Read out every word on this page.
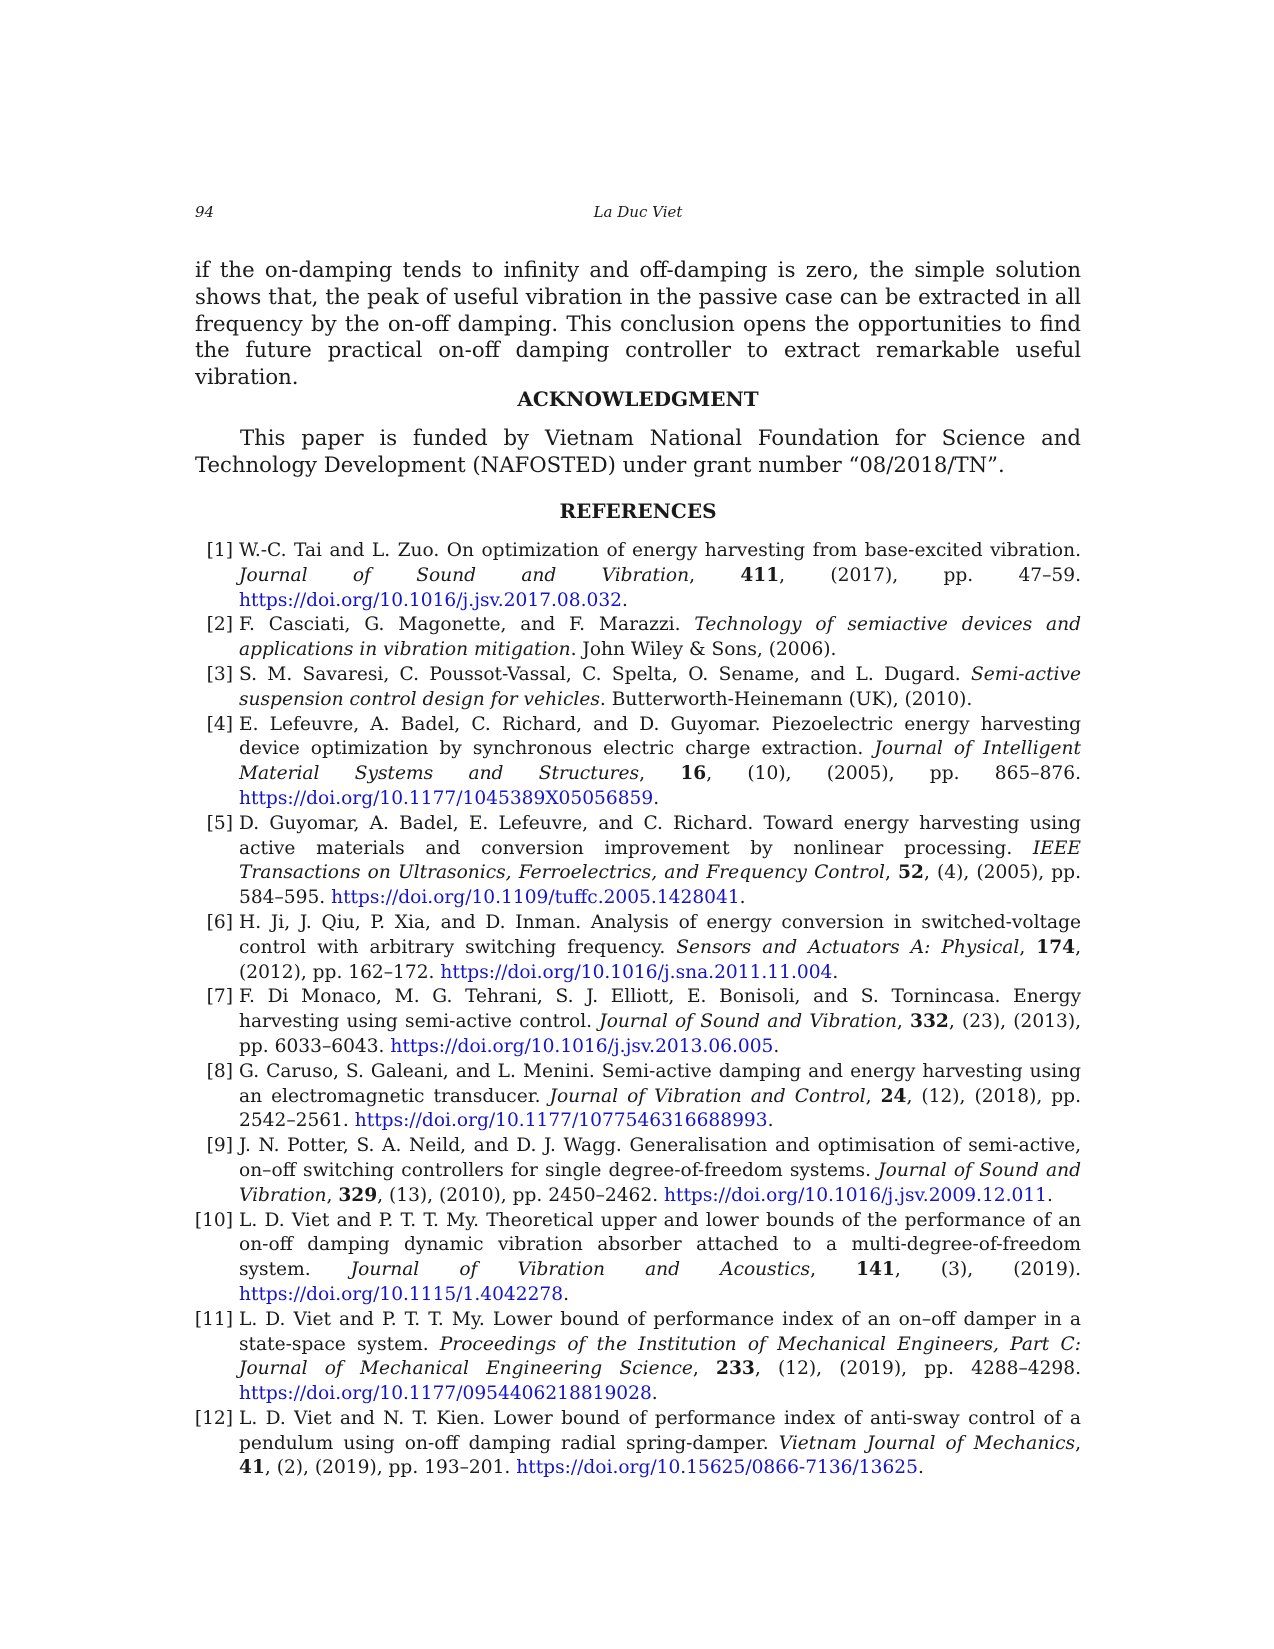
94	La Duc Viet

if the on-damping tends to infinity and off-damping is zero, the simple solution shows that, the peak of useful vibration in the passive case can be extracted in all frequency by the on-off damping. This conclusion opens the opportunities to find the future practical on-off damping controller to extract remarkable useful vibration.

ACKNOWLEDGMENT

This paper is funded by Vietnam National Foundation for Science and Technology Development (NAFOSTED) under grant number “08/2018/TN”.

REFERENCES
[1] W.-C. Tai and L. Zuo. On optimization of energy harvesting from base-excited vibration. Journal of Sound and Vibration, 411, (2017), pp. 47–59. https://doi.org/10.1016/j.jsv.2017.08.032.
[2] F. Casciati, G. Magonette, and F. Marazzi. Technology of semiactive devices and applications in vibration mitigation. John Wiley & Sons, (2006).
[3] S. M. Savaresi, C. Poussot-Vassal, C. Spelta, O. Sename, and L. Dugard. Semi-active suspension control design for vehicles. Butterworth-Heinemann (UK), (2010).
[4] E. Lefeuvre, A. Badel, C. Richard, and D. Guyomar. Piezoelectric energy harvesting device optimization by synchronous electric charge extraction. Journal of Intelligent Material Systems and Structures, 16, (10), (2005), pp. 865–876. https://doi.org/10.1177/1045389X05056859.
[5] D. Guyomar, A. Badel, E. Lefeuvre, and C. Richard. Toward energy harvesting using active materials and conversion improvement by nonlinear processing. IEEE Transactions on Ultrasonics, Ferroelectrics, and Frequency Control, 52, (4), (2005), pp. 584–595. https://doi.org/10.1109/tuffc.2005.1428041.
[6] H. Ji, J. Qiu, P. Xia, and D. Inman. Analysis of energy conversion in switched-voltage control with arbitrary switching frequency. Sensors and Actuators A: Physical, 174, (2012), pp. 162–172. https://doi.org/10.1016/j.sna.2011.11.004.
[7] F. Di Monaco, M. G. Tehrani, S. J. Elliott, E. Bonisoli, and S. Tornincasa. Energy harvesting using semi-active control. Journal of Sound and Vibration, 332, (23), (2013), pp. 6033–6043. https://doi.org/10.1016/j.jsv.2013.06.005.
[8] G. Caruso, S. Galeani, and L. Menini. Semi-active damping and energy harvesting using an electromagnetic transducer. Journal of Vibration and Control, 24, (12), (2018), pp. 2542–2561. https://doi.org/10.1177/1077546316688993.
[9] J. N. Potter, S. A. Neild, and D. J. Wagg. Generalisation and optimisation of semi-active, on–off switching controllers for single degree-of-freedom systems. Journal of Sound and Vibration, 329, (13), (2010), pp. 2450–2462. https://doi.org/10.1016/j.jsv.2009.12.011.
[10] L. D. Viet and P. T. T. My. Theoretical upper and lower bounds of the performance of an on-off damping dynamic vibration absorber attached to a multi-degree-of-freedom system. Journal of Vibration and Acoustics, 141, (3), (2019). https://doi.org/10.1115/1.4042278.
[11] L. D. Viet and P. T. T. My. Lower bound of performance index of an on–off damper in a state-space system. Proceedings of the Institution of Mechanical Engineers, Part C: Journal of Mechanical Engineering Science, 233, (12), (2019), pp. 4288–4298. https://doi.org/10.1177/0954406218819028.
[12] L. D. Viet and N. T. Kien. Lower bound of performance index of anti-sway control of a pendulum using on-off damping radial spring-damper. Vietnam Journal of Mechanics, 41, (2), (2019), pp. 193–201. https://doi.org/10.15625/0866-7136/13625.
